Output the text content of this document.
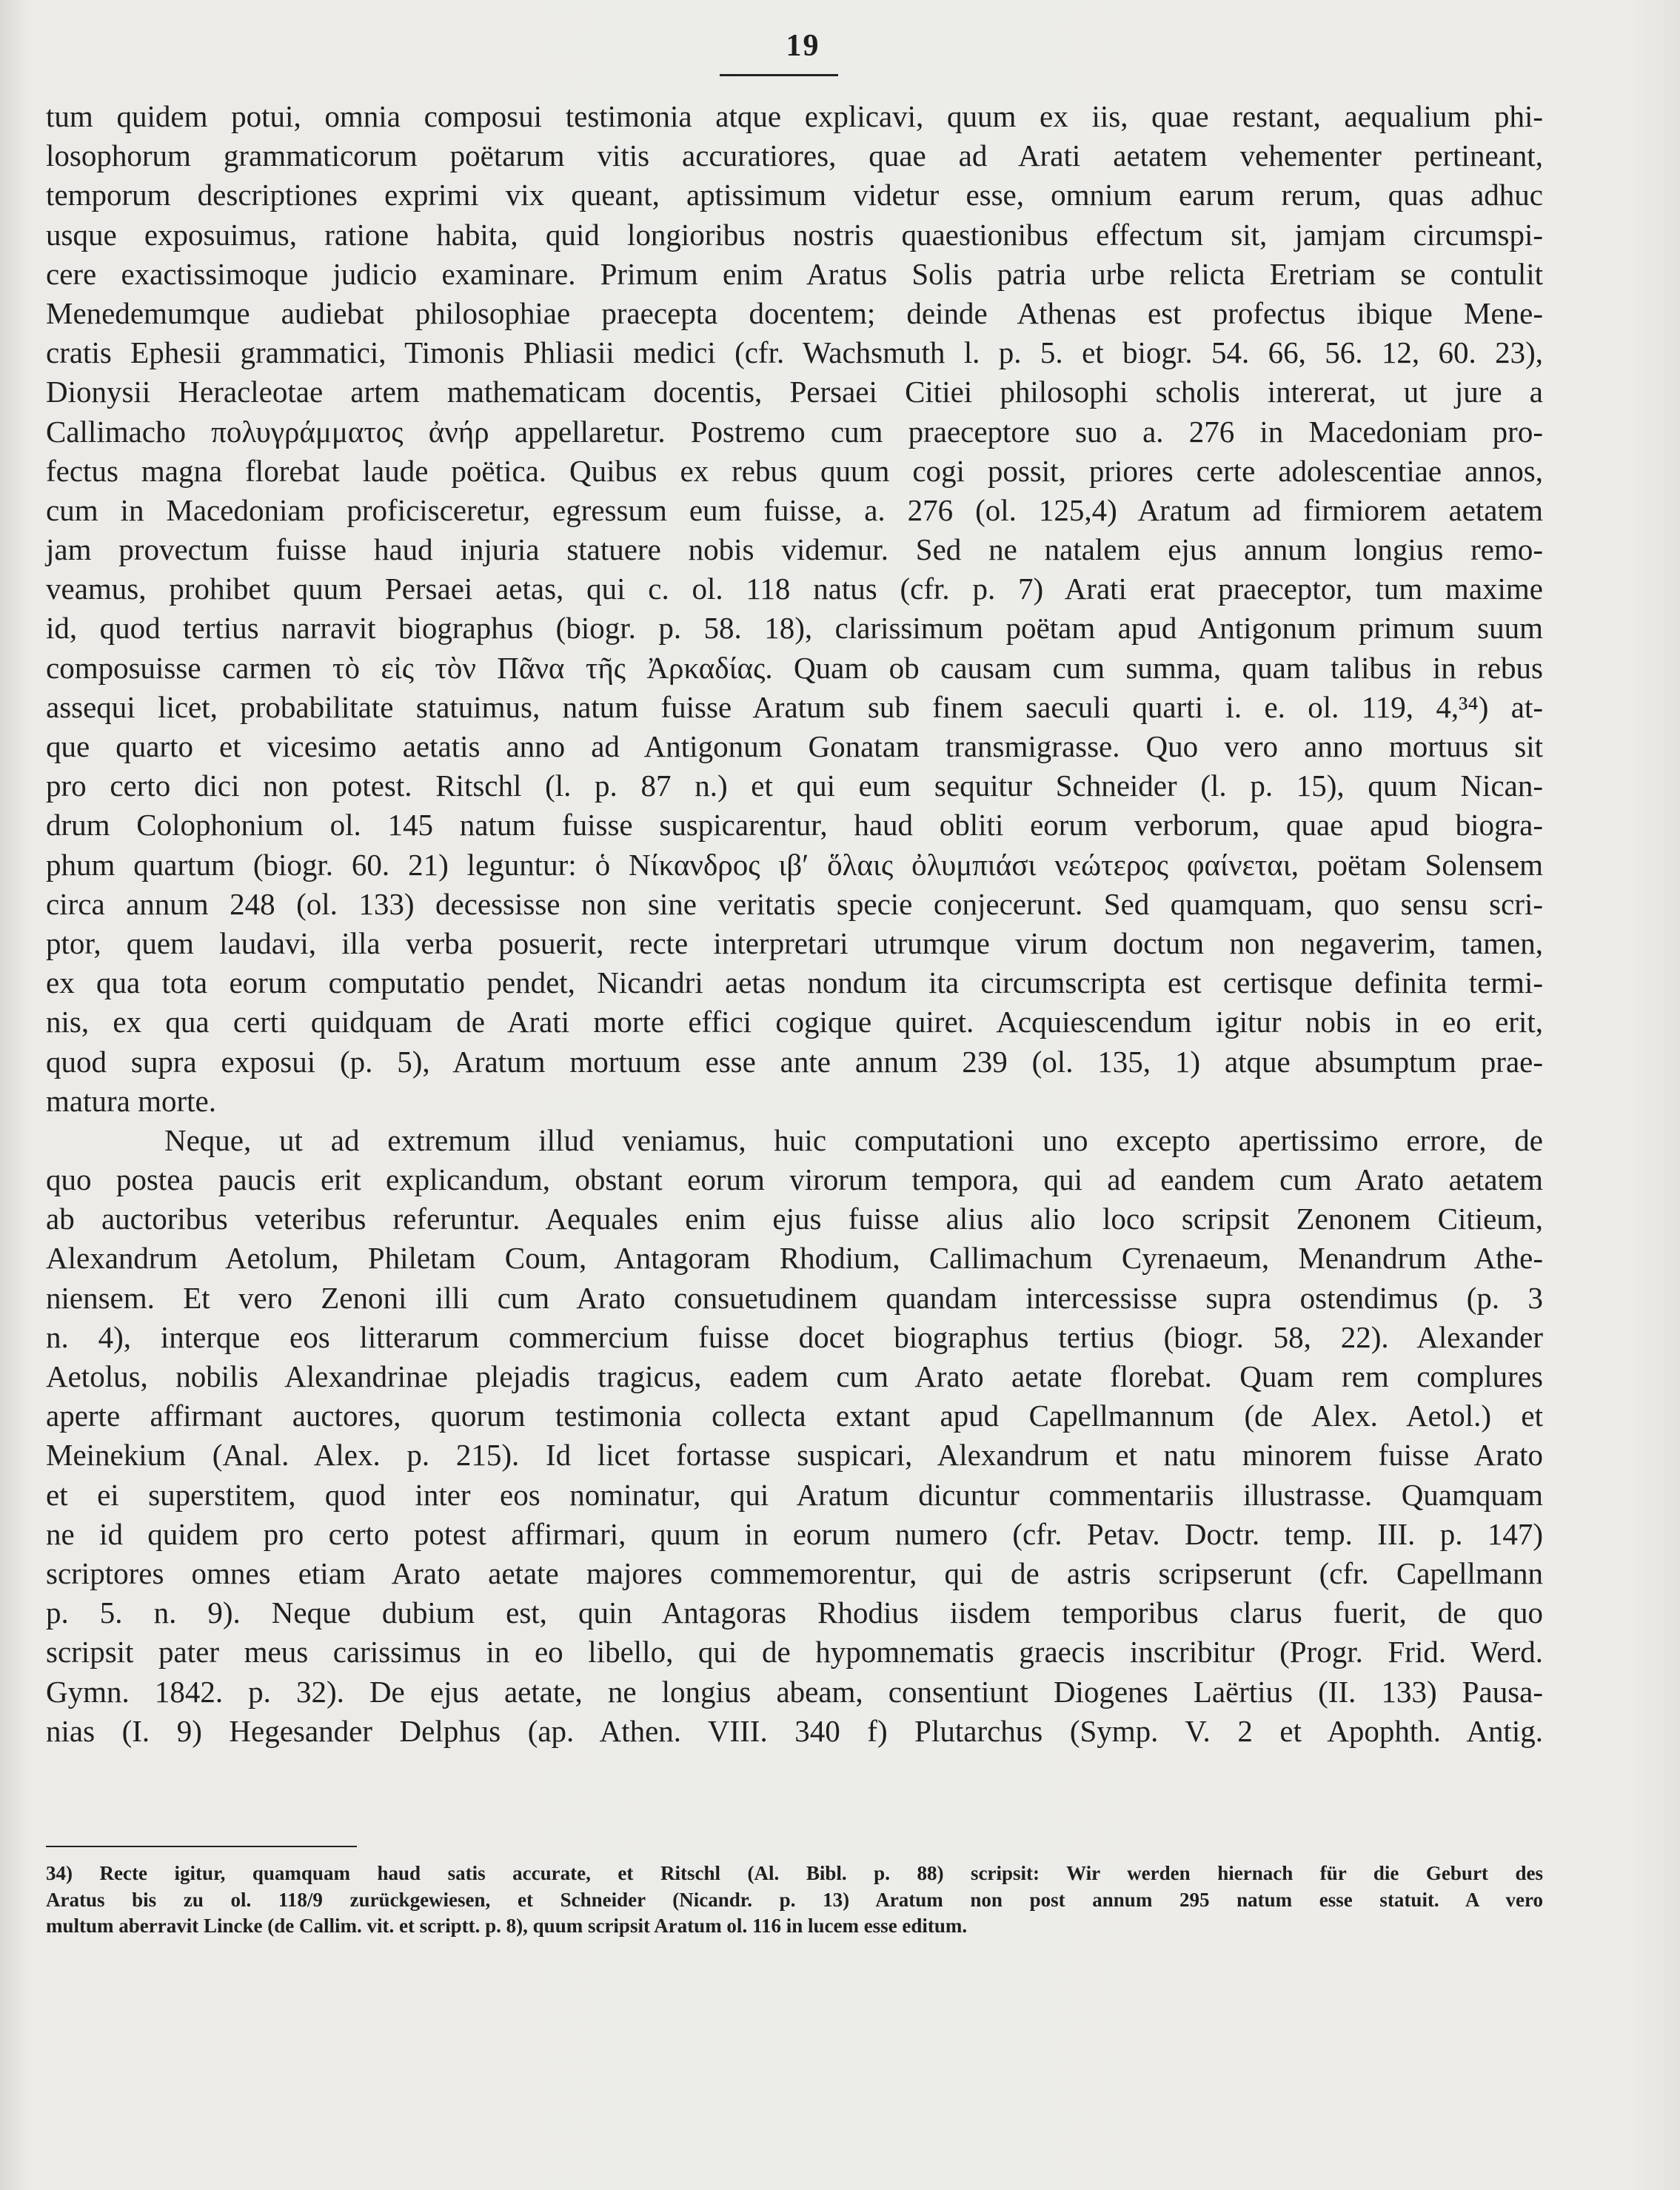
19
tum quidem potui, omnia composui testimonia atque explicavi, quum ex iis, quae restant, aequalium phi-
losophorum grammaticorum poëtarum vitis accuratiores, quae ad Arati aetatem vehementer pertineant,
temporum descriptiones exprimi vix queant, aptissimum videtur esse, omnium earum rerum, quas adhuc
usque exposuimus, ratione habita, quid longioribus nostris quaestionibus effectum sit, jamjam circumspi-
cere exactissimoque judicio examinare. Primum enim Aratus Solis patria urbe relicta Eretriam se contulit
Menedemumque audiebat philosophiae praecepta docentem; deinde Athenas est profectus ibique Mene-
cratis Ephesii grammatici, Timonis Phliasii medici (cfr. Wachsmuth l. p. 5. et biogr. 54. 66, 56. 12, 60. 23),
Dionysii Heracleotae artem mathematicam docentis, Persaei Citiei philosophi scholis intererat, ut jure a
Callimacho πολυγράμματος ἀνήρ appellaretur. Postremo cum praeceptore suo a. 276 in Macedoniam pro-
fectus magna florebat laude poëtica. Quibus ex rebus quum cogi possit, priores certe adolescentiae annos,
cum in Macedoniam proficisceretur, egressum eum fuisse, a. 276 (ol. 125,4) Aratum ad firmiorem aetatem
jam provectum fuisse haud injuria statuere nobis videmur. Sed ne natalem ejus annum longius remo-
veamus, prohibet quum Persaei aetas, qui c. ol. 118 natus (cfr. p. 7) Arati erat praeceptor, tum maxime
id, quod tertius narravit biographus (biogr. p. 58. 18), clarissimum poëtam apud Antigonum primum suum
composuisse carmen τὸ εἰς τὸν Πᾶνα τῆς Ἀρκαδίας. Quam ob causam cum summa, quam talibus in rebus
assequi licet, probabilitate statuimus, natum fuisse Aratum sub finem saeculi quarti i. e. ol. 119, 4,³⁴) at-
que quarto et vicesimo aetatis anno ad Antigonum Gonatam transmigrasse. Quo vero anno mortuus sit
pro certo dici non potest. Ritschl (l. p. 87 n.) et qui eum sequitur Schneider (l. p. 15), quum Nican-
drum Colophonium ol. 145 natum fuisse suspicarentur, haud obliti eorum verborum, quae apud biogra-
phum quartum (biogr. 60. 21) leguntur: ὁ Νίκανδρος ιβʹ ὅλαις ὀλυμπιάσι νεώτερος φαίνεται, poëtam Solensem
circa annum 248 (ol. 133) decessisse non sine veritatis specie conjecerunt. Sed quamquam, quo sensu scri-
ptor, quem laudavi, illa verba posuerit, recte interpretari utrumque virum doctum non negaverim, tamen,
ex qua tota eorum computatio pendet, Nicandri aetas nondum ita circumscripta est certisque definita termi-
nis, ex qua certi quidquam de Arati morte effici cogique quiret. Acquiescendum igitur nobis in eo erit,
quod supra exposui (p. 5), Aratum mortuum esse ante annum 239 (ol. 135, 1) atque absumptum prae-
matura morte.
Neque, ut ad extremum illud veniamus, huic computationi uno excepto apertissimo errore, de
quo postea paucis erit explicandum, obstant eorum virorum tempora, qui ad eandem cum Arato aetatem
ab auctoribus veteribus referuntur. Aequales enim ejus fuisse alius alio loco scripsit Zenonem Citieum,
Alexandrum Aetolum, Philetam Coum, Antagoram Rhodium, Callimachum Cyrenaeum, Menandrum Athe-
niensem. Et vero Zenoni illi cum Arato consuetudinem quandam intercessisse supra ostendimus (p. 3
n. 4), interque eos litterarum commercium fuisse docet biographus tertius (biogr. 58, 22). Alexander
Aetolus, nobilis Alexandrinae plejadis tragicus, eadem cum Arato aetate florebat. Quam rem complures
aperte affirmant auctores, quorum testimonia collecta extant apud Capellmannum (de Alex. Aetol.) et
Meinekium (Anal. Alex. p. 215). Id licet fortasse suspicari, Alexandrum et natu minorem fuisse Arato
et ei superstitem, quod inter eos nominatur, qui Aratum dicuntur commentariis illustrasse. Quamquam
ne id quidem pro certo potest affirmari, quum in eorum numero (cfr. Petav. Doctr. temp. III. p. 147)
scriptores omnes etiam Arato aetate majores commemorentur, qui de astris scripserunt (cfr. Capellmann
p. 5. n. 9). Neque dubium est, quin Antagoras Rhodius iisdem temporibus clarus fuerit, de quo
scripsit pater meus carissimus in eo libello, qui de hypomnematis graecis inscribitur (Progr. Frid. Werd.
Gymn. 1842. p. 32). De ejus aetate, ne longius abeam, consentiunt Diogenes Laërtius (II. 133) Pausa-
nias (I. 9) Hegesander Delphus (ap. Athen. VIII. 340 f) Plutarchus (Symp. V. 2 et Apophth. Antig.
34) Recte igitur, quamquam haud satis accurate, et Ritschl (Al. Bibl. p. 88) scripsit: Wir werden hiernach für die Geburt des
Aratus bis zu ol. 118/9 zurückgewiesen, et Schneider (Nicandr. p. 13) Aratum non post annum 295 natum esse statuit. A vero
multum aberravit Lincke (de Callim. vit. et scriptt. p. 8), quum scripsit Aratum ol. 116 in lucem esse editum.
